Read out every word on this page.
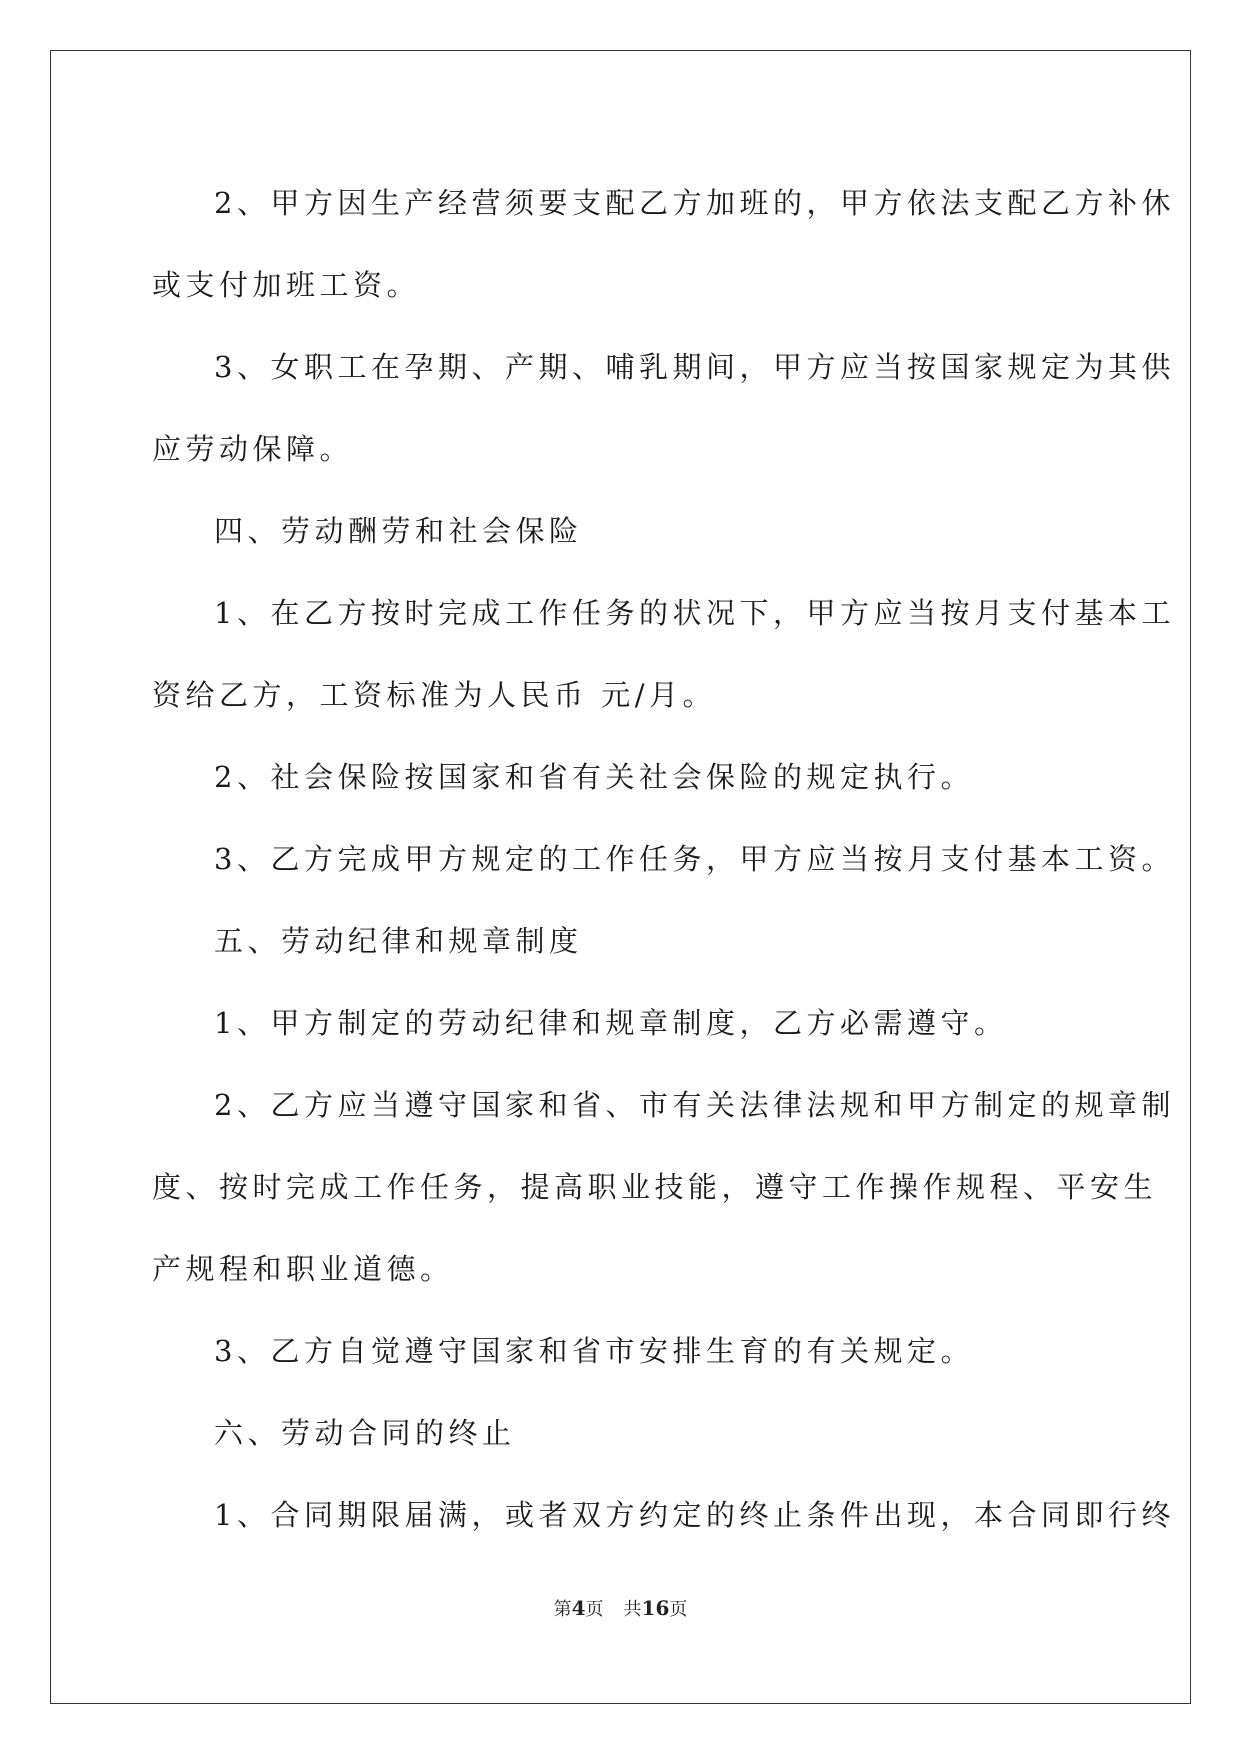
2、甲方因生产经营须要支配乙方加班的，甲方依法支配乙方补休
或支付加班工资。
3、女职工在孕期、产期、哺乳期间，甲方应当按国家规定为其供
应劳动保障。
四、劳动酬劳和社会保险
1、在乙方按时完成工作任务的状况下，甲方应当按月支付基本工
资给乙方，工资标准为人民币 元/月。
2、社会保险按国家和省有关社会保险的规定执行。
3、乙方完成甲方规定的工作任务，甲方应当按月支付基本工资。
五、劳动纪律和规章制度
1、甲方制定的劳动纪律和规章制度，乙方必需遵守。
2、乙方应当遵守国家和省、市有关法律法规和甲方制定的规章制
度、按时完成工作任务，提高职业技能，遵守工作操作规程、平安生
产规程和职业道德。
3、乙方自觉遵守国家和省市安排生育的有关规定。
六、劳动合同的终止
1、合同期限届满，或者双方约定的终止条件出现，本合同即行终
第4页 共16页
